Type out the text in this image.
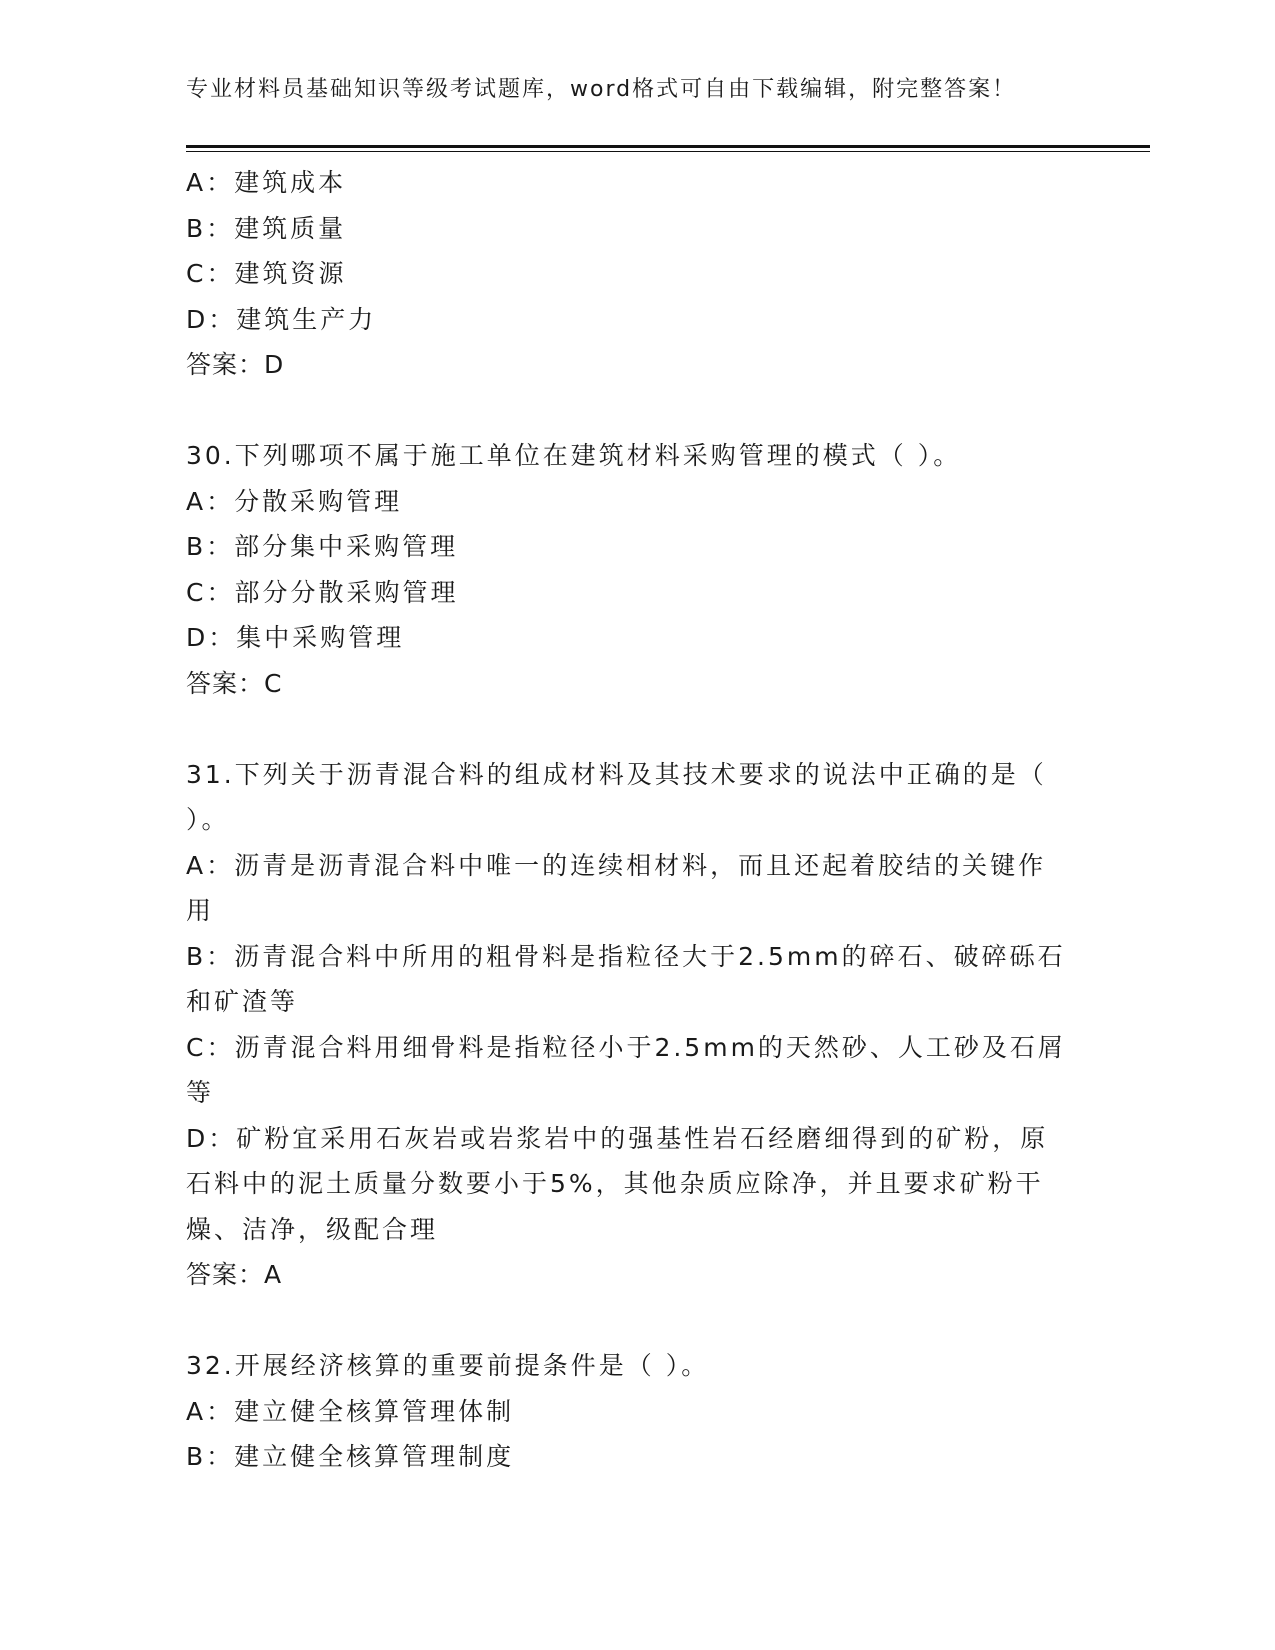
专业材料员基础知识等级考试题库，word格式可自由下载编辑，附完整答案！
A：建筑成本
B：建筑质量
C：建筑资源
D：建筑生产力
答案：D
30.下列哪项不属于施工单位在建筑材料采购管理的模式（ ）。
A：分散采购管理
B：部分集中采购管理
C：部分分散采购管理
D：集中采购管理
答案：C
31.下列关于沥青混合料的组成材料及其技术要求的说法中正确的是（
）。
A：沥青是沥青混合料中唯一的连续相材料，而且还起着胶结的关键作
用
B：沥青混合料中所用的粗骨料是指粒径大于2.5mm的碎石、破碎砾石
和矿渣等
C：沥青混合料用细骨料是指粒径小于2.5mm的天然砂、人工砂及石屑
等
D：矿粉宜采用石灰岩或岩浆岩中的强基性岩石经磨细得到的矿粉，原
石料中的泥土质量分数要小于5%，其他杂质应除净，并且要求矿粉干
燥、洁净，级配合理
答案：A
32.开展经济核算的重要前提条件是（ ）。
A：建立健全核算管理体制
B：建立健全核算管理制度
